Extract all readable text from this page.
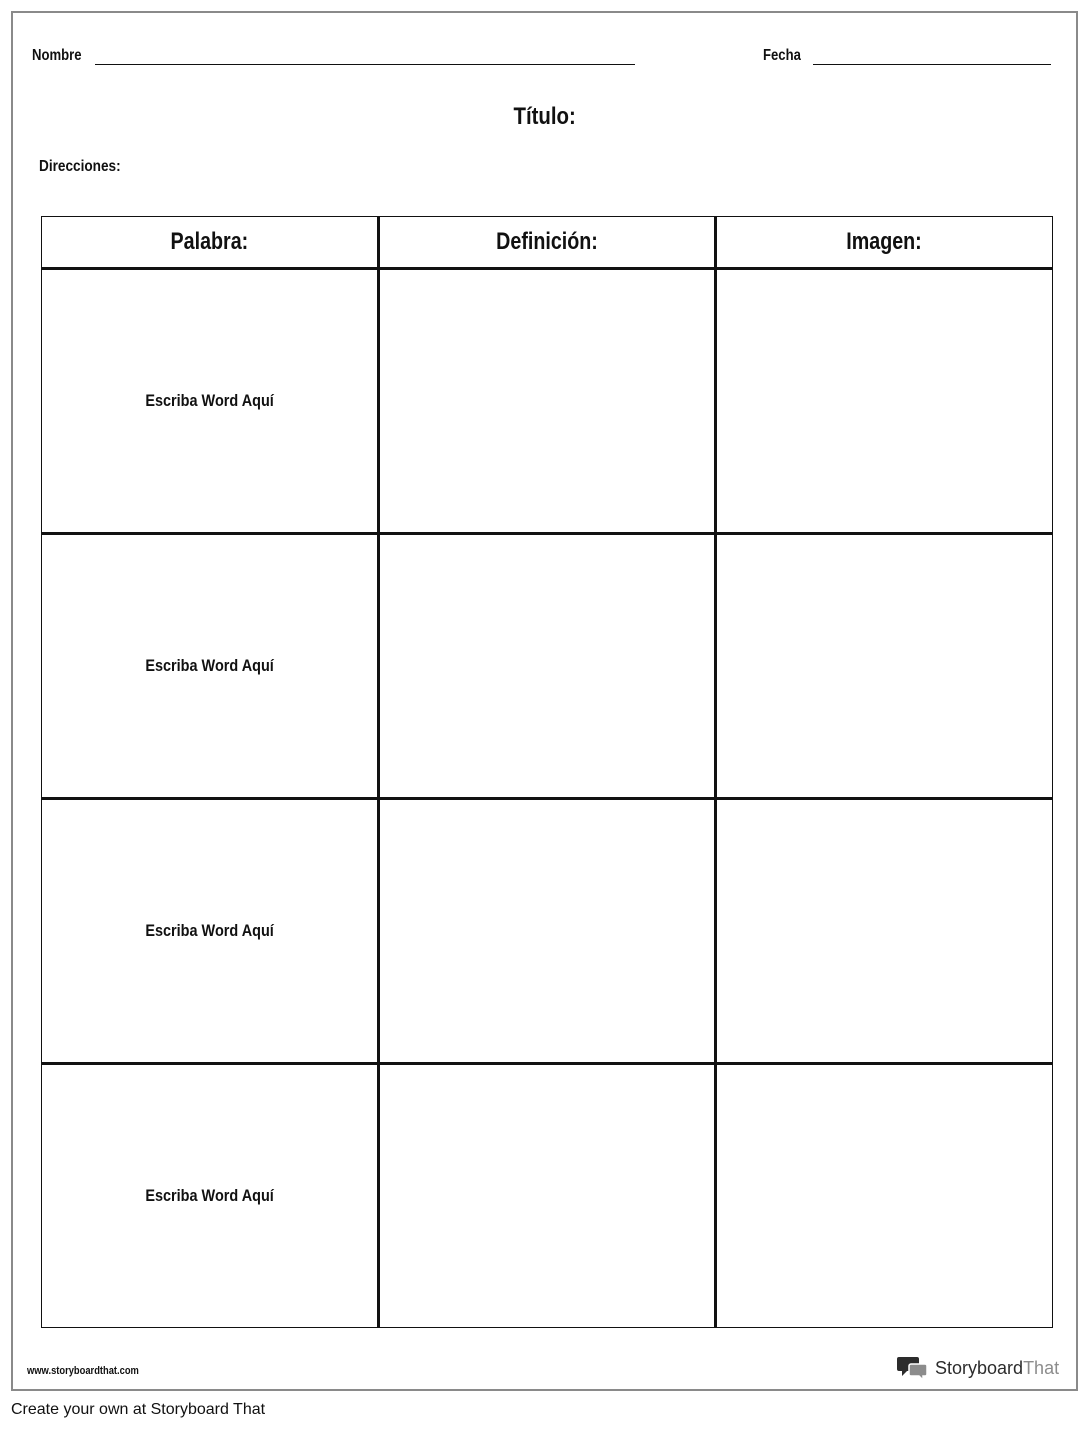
Nombre	Fecha
Título:
Direcciones:
Palabra:	Definición:	Imagen:
Escriba Word Aquí		
Escriba Word Aquí		
Escriba Word Aquí		
Escriba Word Aquí		
www.storyboardthat.com	StoryboardThat
Create your own at Storyboard That
